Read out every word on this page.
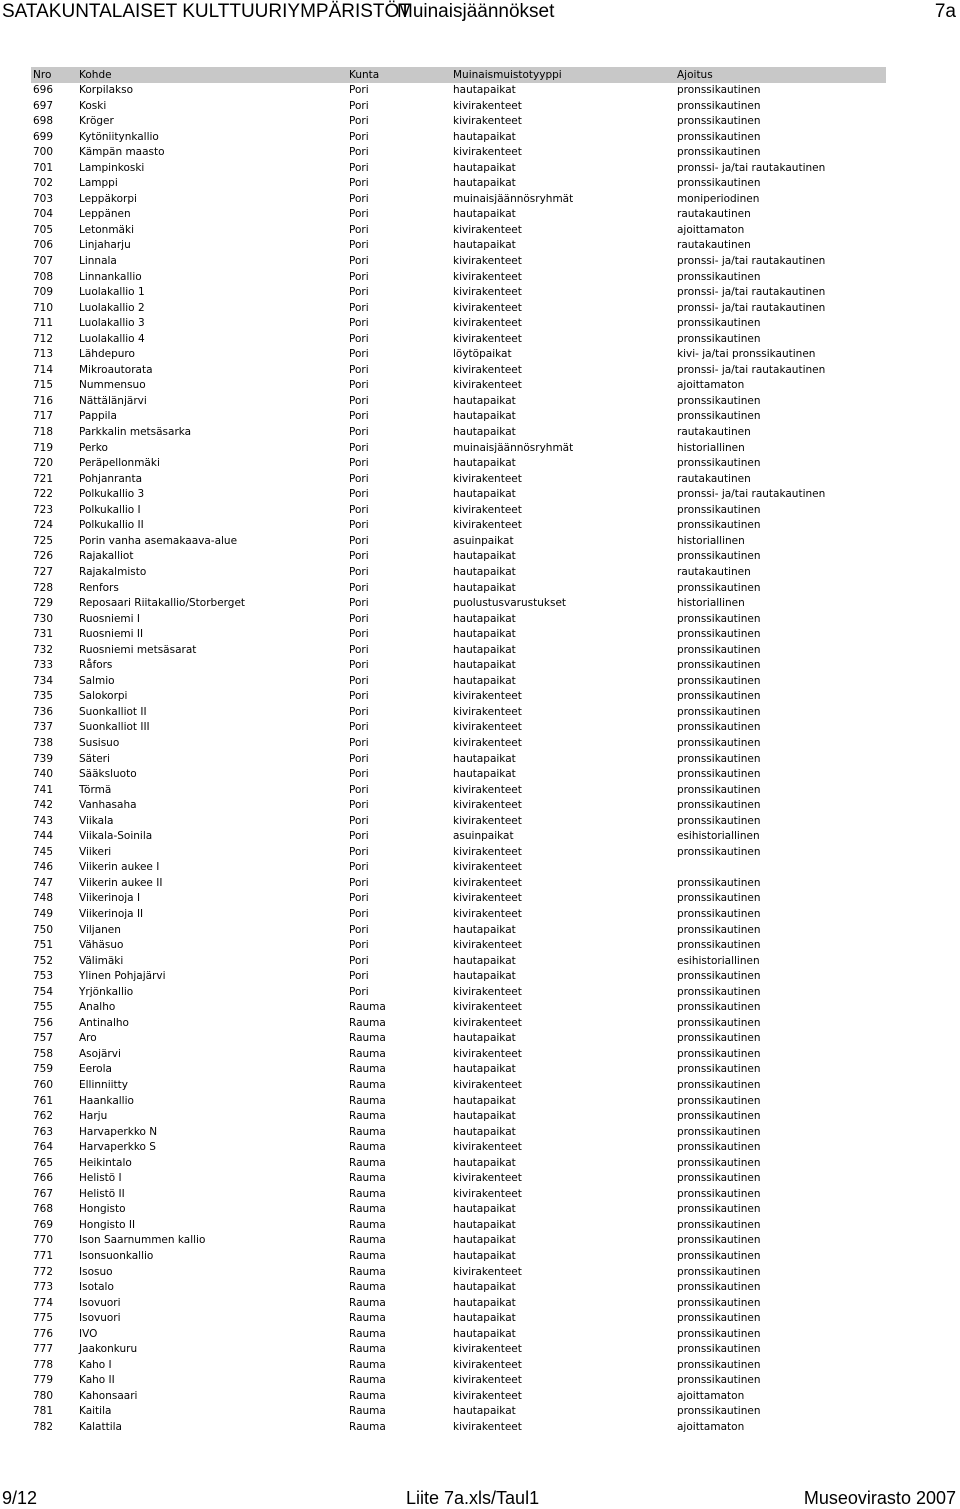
SATAKUNTALAISET KULTTUURIYMPÄRISTÖT
Muinaisjäännökset	7a
Nro	Kohde	Kunta	Muinaismuistotyyppi	Ajoitus
696	Korpilakso	Pori	hautapaikat	pronssikautinen
697	Koski	Pori	kivirakenteet	pronssikautinen
698	Kröger	Pori	kivirakenteet	pronssikautinen
699	Kytöniitynkallio	Pori	hautapaikat	pronssikautinen
700	Kämpän maasto	Pori	kivirakenteet	pronssikautinen
701	Lampinkoski	Pori	hautapaikat	pronssi- ja/tai rautakautinen
702	Lamppi	Pori	hautapaikat	pronssikautinen
703	Leppäkorpi	Pori	muinaisjäännösryhmät	moniperiodinen
704	Leppänen	Pori	hautapaikat	rautakautinen
705	Letonmäki	Pori	kivirakenteet	ajoittamaton
706	Linjaharju	Pori	hautapaikat	rautakautinen
707	Linnala	Pori	kivirakenteet	pronssi- ja/tai rautakautinen
708	Linnankallio	Pori	kivirakenteet	pronssikautinen
709	Luolakallio 1	Pori	kivirakenteet	pronssi- ja/tai rautakautinen
710	Luolakallio 2	Pori	kivirakenteet	pronssi- ja/tai rautakautinen
711	Luolakallio 3	Pori	kivirakenteet	pronssikautinen
712	Luolakallio 4	Pori	kivirakenteet	pronssikautinen
713	Lähdepuro	Pori	löytöpaikat	kivi- ja/tai pronssikautinen
714	Mikroautorata	Pori	kivirakenteet	pronssi- ja/tai rautakautinen
715	Nummensuo	Pori	kivirakenteet	ajoittamaton
716	Nättälänjärvi	Pori	hautapaikat	pronssikautinen
717	Pappila	Pori	hautapaikat	pronssikautinen
718	Parkkalin metsäsarka	Pori	hautapaikat	rautakautinen
719	Perko	Pori	muinaisjäännösryhmät	historiallinen
720	Peräpellonmäki	Pori	hautapaikat	pronssikautinen
721	Pohjanranta	Pori	kivirakenteet	rautakautinen
722	Polkukallio 3	Pori	hautapaikat	pronssi- ja/tai rautakautinen
723	Polkukallio I	Pori	kivirakenteet	pronssikautinen
724	Polkukallio II	Pori	kivirakenteet	pronssikautinen
725	Porin vanha asemakaava-alue	Pori	asuinpaikat	historiallinen
726	Rajakalliot	Pori	hautapaikat	pronssikautinen
727	Rajakalmisto	Pori	hautapaikat	rautakautinen
728	Renfors	Pori	hautapaikat	pronssikautinen
729	Reposaari Riitakallio/Storberget	Pori	puolustusvarustukset	historiallinen
730	Ruosniemi I	Pori	hautapaikat	pronssikautinen
731	Ruosniemi II	Pori	hautapaikat	pronssikautinen
732	Ruosniemi metsäsarat	Pori	hautapaikat	pronssikautinen
733	Råfors	Pori	hautapaikat	pronssikautinen
734	Salmio	Pori	hautapaikat	pronssikautinen
735	Salokorpi	Pori	kivirakenteet	pronssikautinen
736	Suonkalliot II	Pori	kivirakenteet	pronssikautinen
737	Suonkalliot III	Pori	kivirakenteet	pronssikautinen
738	Susisuo	Pori	kivirakenteet	pronssikautinen
739	Säteri	Pori	hautapaikat	pronssikautinen
740	Sääksluoto	Pori	hautapaikat	pronssikautinen
741	Törmä	Pori	kivirakenteet	pronssikautinen
742	Vanhasaha	Pori	kivirakenteet	pronssikautinen
743	Viikala	Pori	kivirakenteet	pronssikautinen
744	Viikala-Soinila	Pori	asuinpaikat	esihistoriallinen
745	Viikeri	Pori	kivirakenteet	pronssikautinen
746	Viikerin aukee I	Pori	kivirakenteet
747	Viikerin aukee II	Pori	kivirakenteet	pronssikautinen
748	Viikerinoja I	Pori	kivirakenteet	pronssikautinen
749	Viikerinoja II	Pori	kivirakenteet	pronssikautinen
750	Viljanen	Pori	hautapaikat	pronssikautinen
751	Vähäsuo	Pori	kivirakenteet	pronssikautinen
752	Välimäki	Pori	hautapaikat	esihistoriallinen
753	Ylinen Pohjajärvi	Pori	hautapaikat	pronssikautinen
754	Yrjönkallio	Pori	kivirakenteet	pronssikautinen
755	Analho	Rauma	kivirakenteet	pronssikautinen
756	Antinalho	Rauma	kivirakenteet	pronssikautinen
757	Aro	Rauma	hautapaikat	pronssikautinen
758	Asojärvi	Rauma	kivirakenteet	pronssikautinen
759	Eerola	Rauma	hautapaikat	pronssikautinen
760	Ellinniitty	Rauma	kivirakenteet	pronssikautinen
761	Haankallio	Rauma	hautapaikat	pronssikautinen
762	Harju	Rauma	hautapaikat	pronssikautinen
763	Harvaperkko N	Rauma	hautapaikat	pronssikautinen
764	Harvaperkko S	Rauma	kivirakenteet	pronssikautinen
765	Heikintalo	Rauma	hautapaikat	pronssikautinen
766	Helistö I	Rauma	kivirakenteet	pronssikautinen
767	Helistö II	Rauma	kivirakenteet	pronssikautinen
768	Hongisto	Rauma	hautapaikat	pronssikautinen
769	Hongisto II	Rauma	hautapaikat	pronssikautinen
770	Ison Saarnummen kallio	Rauma	hautapaikat	pronssikautinen
771	Isonsuonkallio	Rauma	hautapaikat	pronssikautinen
772	Isosuo	Rauma	kivirakenteet	pronssikautinen
773	Isotalo	Rauma	hautapaikat	pronssikautinen
774	Isovuori	Rauma	hautapaikat	pronssikautinen
775	Isovuori	Rauma	hautapaikat	pronssikautinen
776	IVO	Rauma	hautapaikat	pronssikautinen
777	Jaakonkuru	Rauma	kivirakenteet	pronssikautinen
778	Kaho I	Rauma	kivirakenteet	pronssikautinen
779	Kaho II	Rauma	kivirakenteet	pronssikautinen
780	Kahonsaari	Rauma	kivirakenteet	ajoittamaton
781	Kaitila	Rauma	hautapaikat	pronssikautinen
782	Kalattila	Rauma	kivirakenteet	ajoittamaton
9/12	Liite 7a.xls/Taul1	Museovirasto 2007
